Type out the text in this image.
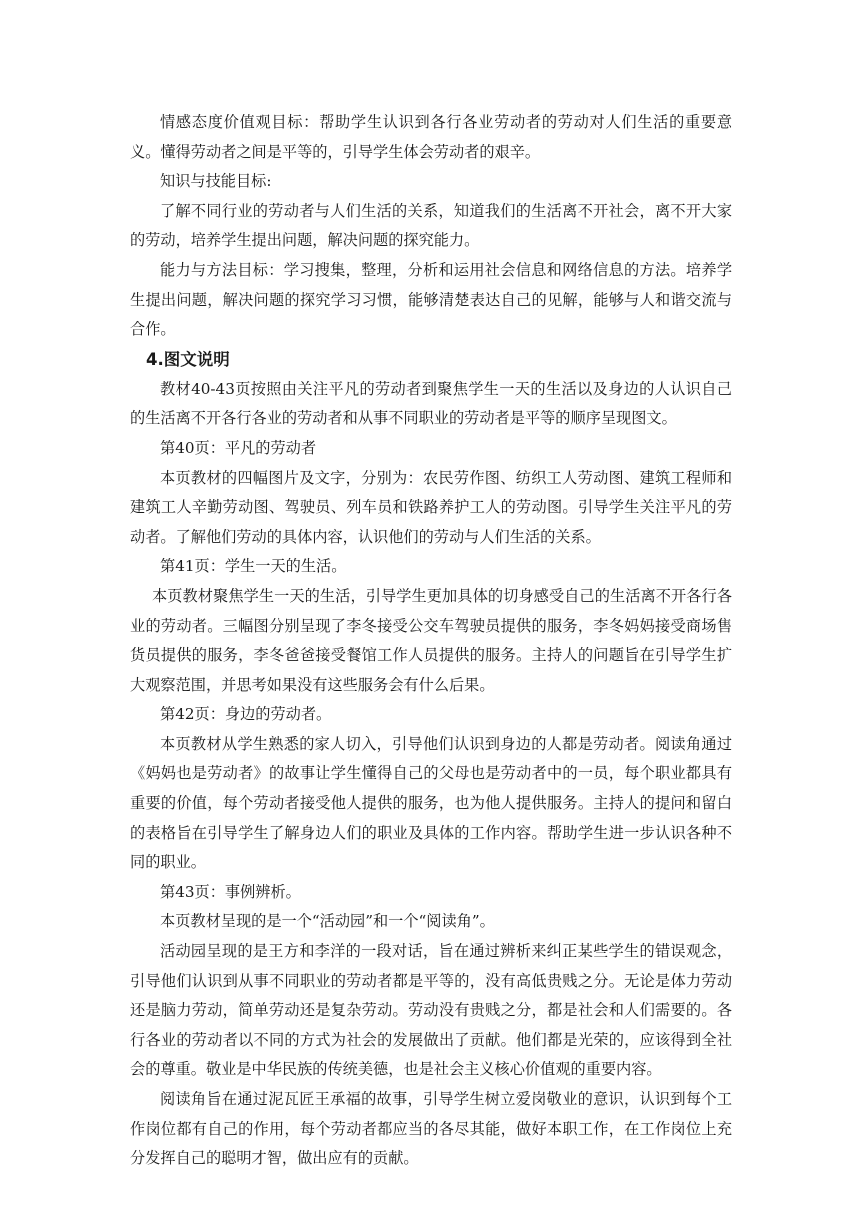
情感态度价值观目标：帮助学生认识到各行各业劳动者的劳动对人们生活的重要意义。懂得劳动者之间是平等的，引导学生体会劳动者的艰辛。

知识与技能目标:

了解不同行业的劳动者与人们生活的关系，知道我们的生活离不开社会，离不开大家的劳动，培养学生提出问题，解决问题的探究能力。

能力与方法目标：学习搜集，整理，分析和运用社会信息和网络信息的方法。培养学生提出问题，解决问题的探究学习习惯，能够清楚表达自己的见解，能够与人和谐交流与合作。

4.图文说明

教材40-43页按照由关注平凡的劳动者到聚焦学生一天的生活以及身边的人认识自己的生活离不开各行各业的劳动者和从事不同职业的劳动者是平等的顺序呈现图文。

第40页：平凡的劳动者

本页教材的四幅图片及文字，分别为：农民劳作图、纺织工人劳动图、建筑工程师和建筑工人辛勤劳动图、驾驶员、列车员和铁路养护工人的劳动图。引导学生关注平凡的劳动者。了解他们劳动的具体内容，认识他们的劳动与人们生活的关系。

第41页：学生一天的生活。

本页教材聚焦学生一天的生活，引导学生更加具体的切身感受自己的生活离不开各行各业的劳动者。三幅图分别呈现了李冬接受公交车驾驶员提供的服务，李冬妈妈接受商场售货员提供的服务，李冬爸爸接受餐馆工作人员提供的服务。主持人的问题旨在引导学生扩大观察范围，并思考如果没有这些服务会有什么后果。

第42页：身边的劳动者。

本页教材从学生熟悉的家人切入，引导他们认识到身边的人都是劳动者。阅读角通过《妈妈也是劳动者》的故事让学生懂得自己的父母也是劳动者中的一员，每个职业都具有重要的价值，每个劳动者接受他人提供的服务，也为他人提供服务。主持人的提问和留白的表格旨在引导学生了解身边人们的职业及具体的工作内容。帮助学生进一步认识各种不同的职业。

第43页：事例辨析。

本页教材呈现的是一个“活动园”和一个“阅读角”。

活动园呈现的是王方和李洋的一段对话，旨在通过辨析来纠正某些学生的错误观念，引导他们认识到从事不同职业的劳动者都是平等的，没有高低贵贱之分。无论是体力劳动还是脑力劳动，简单劳动还是复杂劳动。劳动没有贵贱之分，都是社会和人们需要的。各行各业的劳动者以不同的方式为社会的发展做出了贡献。他们都是光荣的，应该得到全社会的尊重。敬业是中华民族的传统美德，也是社会主义核心价值观的重要内容。

阅读角旨在通过泥瓦匠王承福的故事，引导学生树立爱岗敬业的意识，认识到每个工作岗位都有自己的作用，每个劳动者都应当的各尽其能，做好本职工作，在工作岗位上充分发挥自己的聪明才智，做出应有的贡献。
